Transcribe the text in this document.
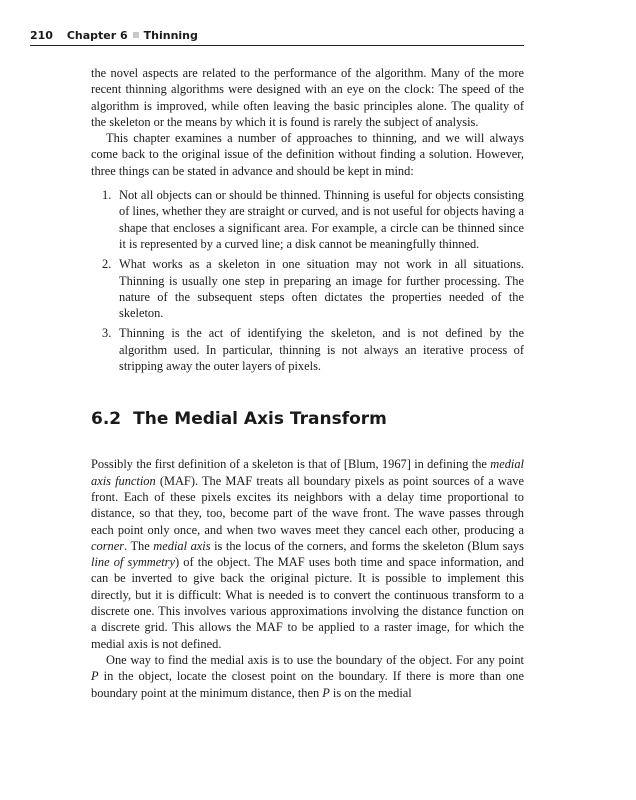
210 Chapter 6 Thinning

the novel aspects are related to the performance of the algorithm. Many of the more recent thinning algorithms were designed with an eye on the clock: The speed of the algorithm is improved, while often leaving the basic principles alone. The quality of the skeleton or the means by which it is found is rarely the subject of analysis.

This chapter examines a number of approaches to thinning, and we will always come back to the original issue of the definition without finding a solution. However, three things can be stated in advance and should be kept in mind:

1. Not all objects can or should be thinned. Thinning is useful for objects consisting of lines, whether they are straight or curved, and is not useful for objects having a shape that encloses a significant area. For example, a circle can be thinned since it is represented by a curved line; a disk cannot be meaningfully thinned.
2. What works as a skeleton in one situation may not work in all situations. Thinning is usually one step in preparing an image for further processing. The nature of the subsequent steps often dictates the properties needed of the skeleton.
3. Thinning is the act of identifying the skeleton, and is not defined by the algorithm used. In particular, thinning is not always an iterative process of stripping away the outer layers of pixels.
6.2 The Medial Axis Transform

Possibly the first definition of a skeleton is that of [Blum, 1967] in defining the medial axis function (MAF). The MAF treats all boundary pixels as point sources of a wave front. Each of these pixels excites its neighbors with a delay time proportional to distance, so that they, too, become part of the wave front. The wave passes through each point only once, and when two waves meet they cancel each other, producing a corner. The medial axis is the locus of the corners, and forms the skeleton (Blum says line of symmetry) of the object. The MAF uses both time and space information, and can be inverted to give back the original picture. It is possible to implement this directly, but it is difficult: What is needed is to convert the continuous transform to a discrete one. This involves various approximations involving the distance function on a discrete grid. This allows the MAF to be applied to a raster image, for which the medial axis is not defined.

One way to find the medial axis is to use the boundary of the object. For any point P in the object, locate the closest point on the boundary. If there is more than one boundary point at the minimum distance, then P is on the medial
